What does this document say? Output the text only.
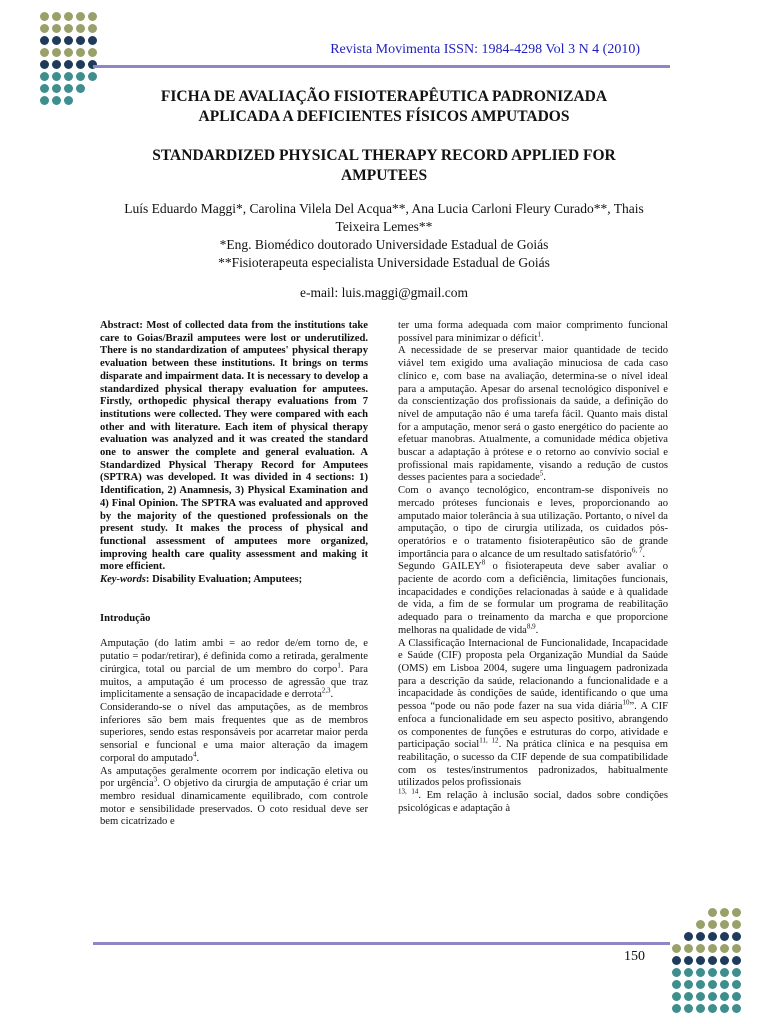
Revista Movimenta ISSN: 1984-4298 Vol 3 N 4 (2010)
FICHA DE AVALIAÇÃO FISIOTERAPÊUTICA PADRONIZADA
APLICADA A DEFICIENTES FÍSICOS AMPUTADOS
STANDARDIZED PHYSICAL THERAPY RECORD APPLIED FOR
AMPUTEES
Luís Eduardo Maggi*, Carolina Vilela Del Acqua**, Ana Lucia Carloni Fleury Curado**, Thais
Teixeira Lemes**
*Eng. Biomédico doutorado Universidade Estadual de Goiás
**Fisioterapeuta especialista Universidade Estadual de Goiás
e-mail: luis.maggi@gmail.com

Abstract: Most of collected data from the institutions take care to Goias/Brazil amputees were lost or underutilized. There is no standardization of amputees' physical therapy evaluation between these institutions. It brings on terms disparate and impairment data. It is necessary to develop a standardized physical therapy evaluation for amputees. Firstly, orthopedic physical therapy evaluations from 7 institutions were collected. They were compared with each other and with literature. Each item of physical therapy evaluation was analyzed and it was created the standard one to answer the complete and general evaluation. A Standardized Physical Therapy Record for Amputees (SPTRA) was developed. It was divided in 4 sections: 1) Identification, 2) Anamnesis, 3) Physical Examination and 4) Final Opinion. The SPTRA was evaluated and approved by the majority of the questioned professionals on the present study. It makes the process of physical and functional assessment of amputees more organized, improving health care quality assessment and making it more efficient.

Key-words: Disability Evaluation; Amputees;

Introdução

Amputação (do latim ambi = ao redor de/em torno de, e putatio = podar/retirar), é definida como a retirada, geralmente cirúrgica, total ou parcial de um membro do corpo$^1$. Para muitos, a amputação é um processo de agressão que traz implicitamente a sensação de incapacidade e derrota$^{2,3}$.

Considerando-se o nível das amputações, as de membros inferiores são bem mais frequentes que as de membros superiores, sendo estas responsáveis por acarretar maior perda sensorial e funcional e uma maior alteração da imagem corporal do amputado$^4$.

As amputações geralmente ocorrem por indicação eletiva ou por urgência$^3$. O objetivo da cirurgia de amputação é criar um membro residual dinamicamente equilibrado, com controle motor e sensibilidade preservados. O coto residual deve ser bem cicatrizado e

ter uma forma adequada com maior comprimento funcional possível para minimizar o déficit$^1$.

A necessidade de se preservar maior quantidade de tecido viável tem exigido uma avaliação minuciosa de cada caso clínico e, com base na avaliação, determina-se o nível ideal para a amputação. Apesar do arsenal tecnológico disponível e da conscientização dos profissionais da saúde, a definição do nível de amputação não é uma tarefa fácil. Quanto mais distal for a amputação, menor será o gasto energético do paciente ao efetuar manobras. Atualmente, a comunidade médica objetiva buscar a adaptação à prótese e o retorno ao convívio social e profissional mais rapidamente, visando a redução de custos desses pacientes para a sociedade$^5$.

Com o avanço tecnológico, encontram-se disponíveis no mercado próteses funcionais e leves, proporcionando ao amputado maior tolerância à sua utilização. Portanto, o nível da amputação, o tipo de cirurgia utilizada, os cuidados pós-operatórios e o tratamento fisioterapêutico são de grande importância para o alcance de um resultado satisfatório$^{6, 7}$.

Segundo GAILEY$^8$ o fisioterapeuta deve saber avaliar o paciente de acordo com a deficiência, limitações funcionais, incapacidades e condições relacionadas à saúde e à qualidade de vida, a fim de se formular um programa de reabilitação adequado para o treinamento da marcha e que proporcione melhoras na qualidade de vida$^{8,9}$.

A Classificação Internacional de Funcionalidade, Incapacidade e Saúde (CIF) proposta pela Organização Mundial da Saúde (OMS) em Lisboa 2004, sugere uma linguagem padronizada para a descrição da saúde, relacionando a funcionalidade e a incapacidade às condições de saúde, identificando o que uma pessoa “pode ou não pode fazer na sua vida diária$^{10}$”. A CIF enfoca a funcionalidade em seu aspecto positivo, abrangendo os componentes de funções e estruturas do corpo, atividade e participação social$^{11, 12}$. Na prática clínica e na pesquisa em reabilitação, o sucesso da CIF depende de sua compatibilidade com os testes/instrumentos padronizados, habitualmente utilizados pelos profissionais

$^{13, 14}$. Em relação à inclusão social, dados sobre condições psicológicas e adaptação à

150
